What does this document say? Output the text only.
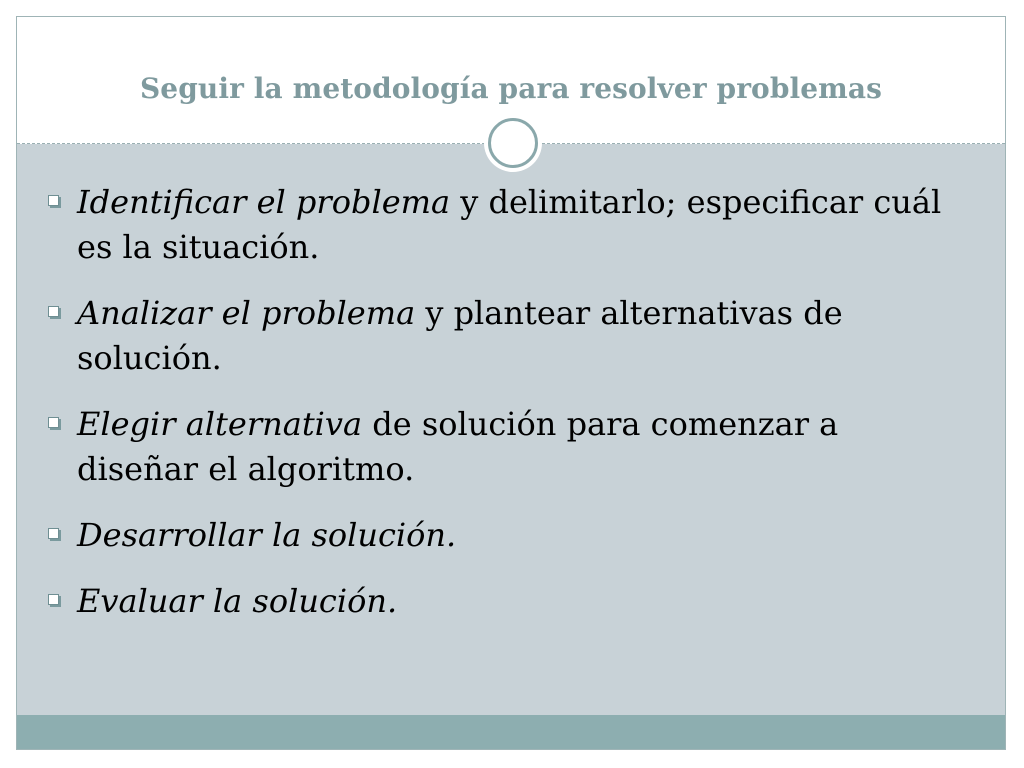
Seguir la metodología para resolver problemas
Identificar el problema y delimitarlo; especificar cuál es la situación.
Analizar el problema y plantear alternativas de solución.
Elegir alternativa de solución para comenzar a diseñar el algoritmo.
Desarrollar la solución.
Evaluar la solución.
